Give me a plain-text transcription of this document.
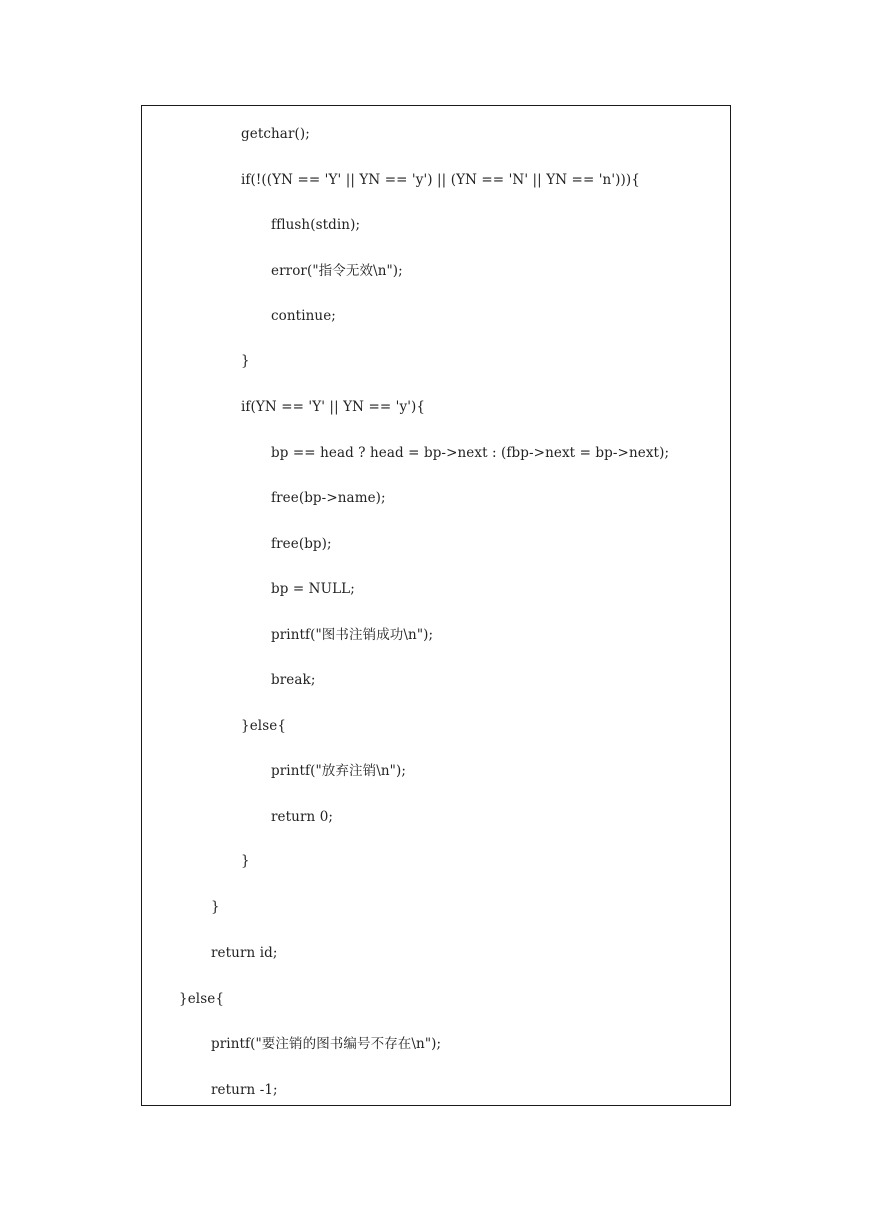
getchar();
if(!((YN == 'Y' || YN == 'y') || (YN == 'N' || YN == 'n'))){
fflush(stdin);
error("指令无效\n");
continue;
}
if(YN == 'Y' || YN == 'y'){
bp == head ? head = bp->next : (fbp->next = bp->next);
free(bp->name);
free(bp);
bp = NULL;
printf("图书注销成功\n");
break;
}else{
printf("放弃注销\n");
return 0;
}
}
return id;
}else{
printf("要注销的图书编号不存在\n");
return -1;
